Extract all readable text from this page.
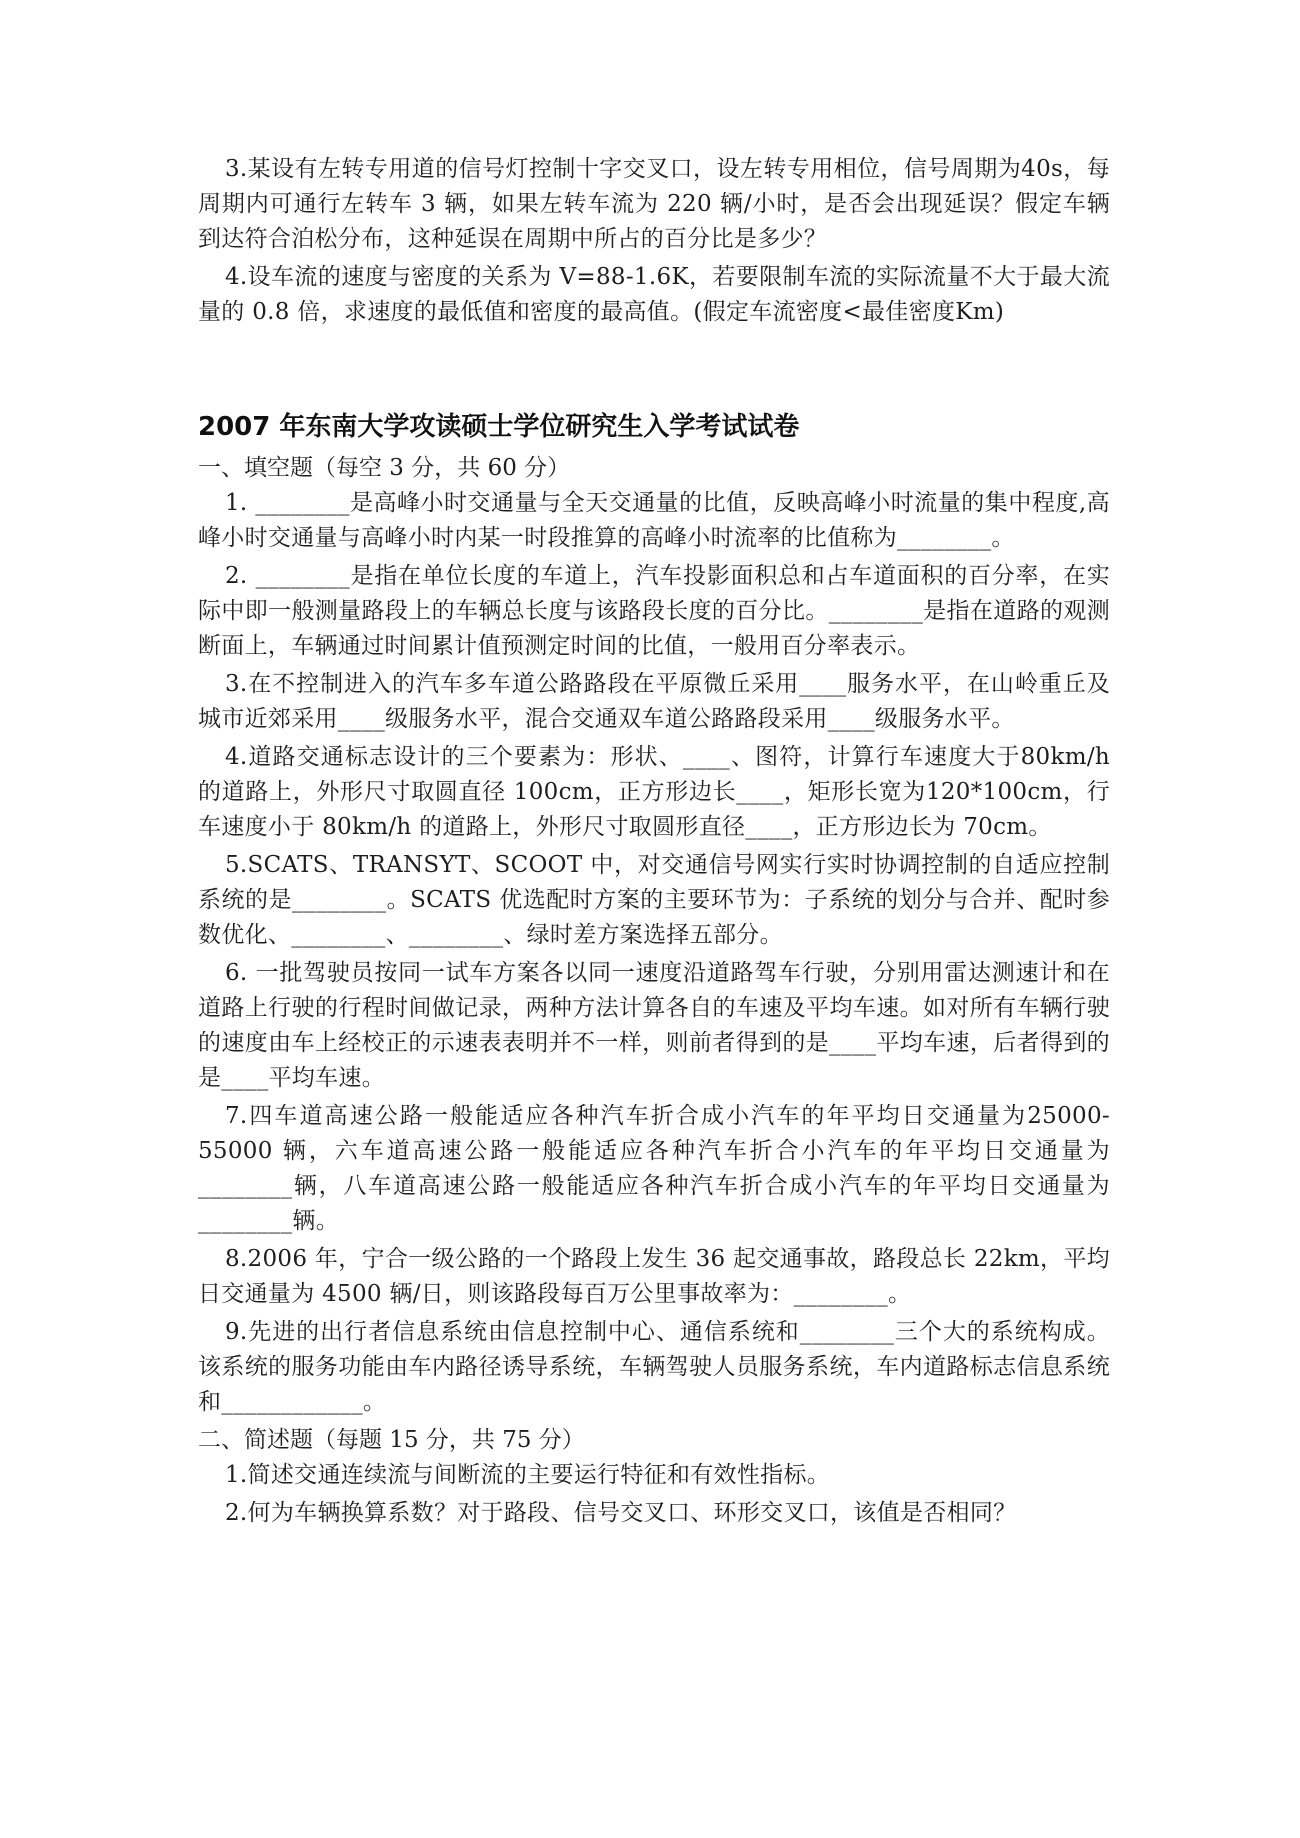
3.某设有左转专用道的信号灯控制十字交叉口，设左转专用相位，信号周期为40s，每周期内可通行左转车 3 辆，如果左转车流为 220 辆/小时，是否会出现延误？假定车辆到达符合泊松分布，这种延误在周期中所占的百分比是多少？

4.设车流的速度与密度的关系为 V=88-1.6K，若要限制车流的实际流量不大于最大流量的 0.8 倍，求速度的最低值和密度的最高值。(假定车流密度<最佳密度Km)

2007 年东南大学攻读硕士学位研究生入学考试试卷

一、填空题（每空 3 分，共 60 分）

1. ________是高峰小时交通量与全天交通量的比值，反映高峰小时流量的集中程度,高峰小时交通量与高峰小时内某一时段推算的高峰小时流率的比值称为________。

2. ________是指在单位长度的车道上，汽车投影面积总和占车道面积的百分率，在实际中即一般测量路段上的车辆总长度与该路段长度的百分比。________是指在道路的观测断面上，车辆通过时间累计值预测定时间的比值，一般用百分率表示。

3.在不控制进入的汽车多车道公路路段在平原微丘采用____服务水平，在山岭重丘及城市近郊采用____级服务水平，混合交通双车道公路路段采用____级服务水平。

4.道路交通标志设计的三个要素为：形状、____、图符，计算行车速度大于80km/h 的道路上，外形尺寸取圆直径 100cm，正方形边长____，矩形长宽为120*100cm，行车速度小于 80km/h 的道路上，外形尺寸取圆形直径____，正方形边长为 70cm。

5.SCATS、TRANSYT、SCOOT 中，对交通信号网实行实时协调控制的自适应控制系统的是________。SCATS 优选配时方案的主要环节为：子系统的划分与合并、配时参数优化、________、________、绿时差方案选择五部分。

6. 一批驾驶员按同一试车方案各以同一速度沿道路驾车行驶，分别用雷达测速计和在道路上行驶的行程时间做记录，两种方法计算各自的车速及平均车速。如对所有车辆行驶的速度由车上经校正的示速表表明并不一样，则前者得到的是____平均车速，后者得到的是____平均车速。

7.四车道高速公路一般能适应各种汽车折合成小汽车的年平均日交通量为25000-55000 辆，六车道高速公路一般能适应各种汽车折合小汽车的年平均日交通量为________辆，八车道高速公路一般能适应各种汽车折合成小汽车的年平均日交通量为________辆。

8.2006 年，宁合一级公路的一个路段上发生 36 起交通事故，路段总长 22km，平均日交通量为 4500 辆/日，则该路段每百万公里事故率为：________。

9.先进的出行者信息系统由信息控制中心、通信系统和________三个大的系统构成。该系统的服务功能由车内路径诱导系统，车辆驾驶人员服务系统，车内道路标志信息系统和____________。

二、简述题（每题 15 分，共 75 分）

1.简述交通连续流与间断流的主要运行特征和有效性指标。

2.何为车辆换算系数？对于路段、信号交叉口、环形交叉口，该值是否相同？
